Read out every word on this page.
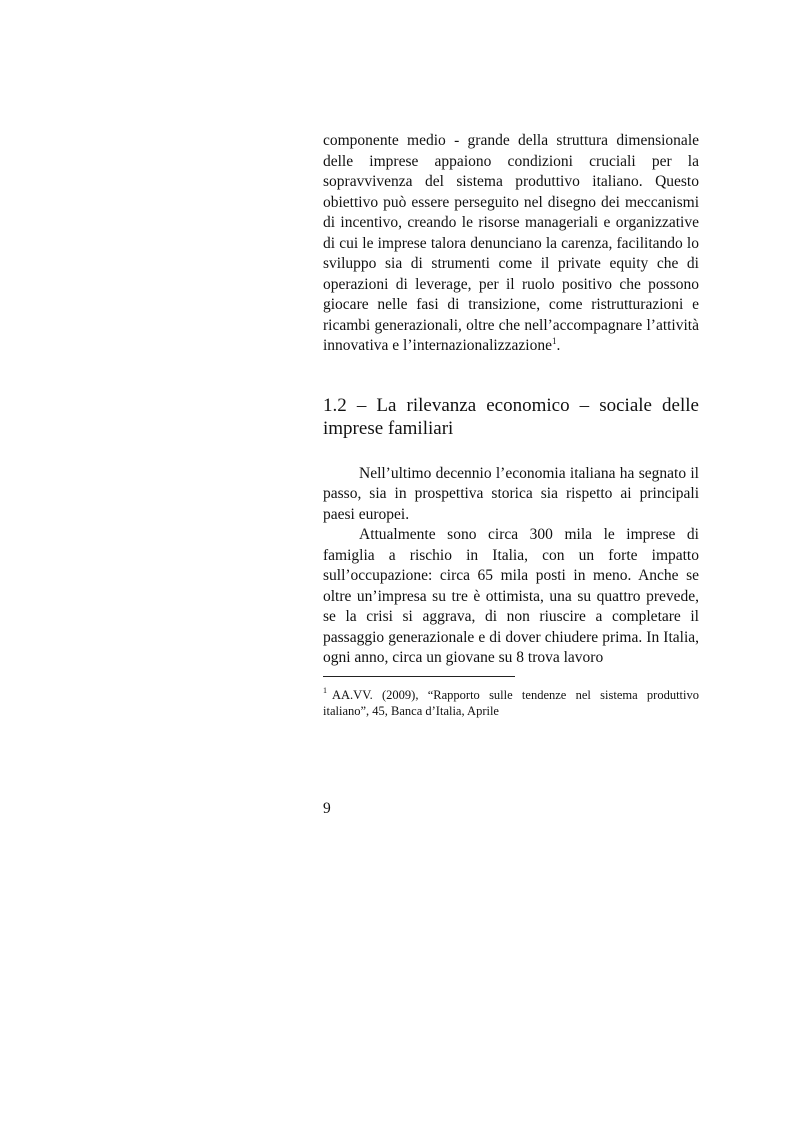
componente medio - grande della struttura dimensionale delle imprese appaiono condizioni cruciali per la sopravvivenza del sistema produttivo italiano. Questo obiettivo può essere perseguito nel disegno dei meccanismi di incentivo, creando le risorse manageriali e organizzative di cui le imprese talora denunciano la carenza, facilitando lo sviluppo sia di strumenti come il private equity che di operazioni di leverage, per il ruolo positivo che possono giocare nelle fasi di transizione, come ristrutturazioni e ricambi generazionali, oltre che nell’accompagnare l’attività innovativa e l’internazionalizzazione$^1$.

1.2 – La rilevanza economico – sociale delle imprese familiari

Nell’ultimo decennio l’economia italiana ha segnato il passo, sia in prospettiva storica sia rispetto ai principali paesi europei.

Attualmente sono circa 300 mila le imprese di famiglia a rischio in Italia, con un forte impatto sull’occupazione: circa 65 mila posti in meno. Anche se oltre un’impresa su tre è ottimista, una su quattro prevede, se la crisi si aggrava, di non riuscire a completare il passaggio generazionale e di dover chiudere prima. In Italia, ogni anno, circa un giovane su 8 trova lavoro

$^1$ AA.VV. (2009), “Rapporto sulle tendenze nel sistema produttivo italiano”, 45, Banca d’Italia, Aprile

9
